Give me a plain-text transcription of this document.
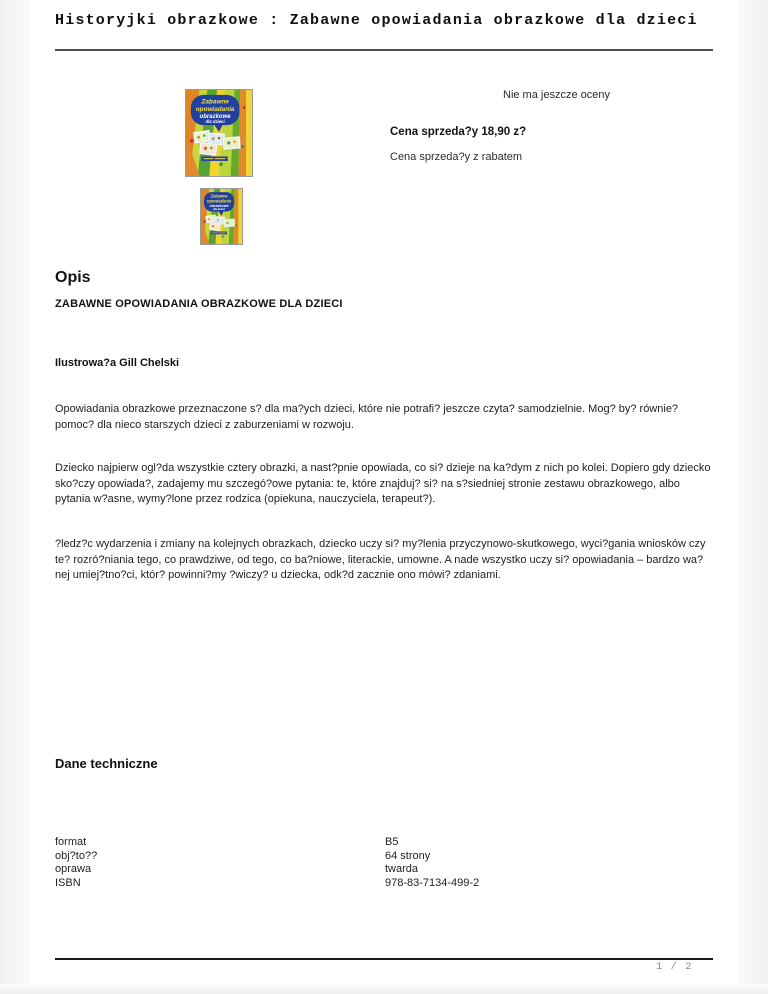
Historyjki obrazkowe : Zabawne opowiadania obrazkowe dla dzieci
Zabawne
opowiadania
obrazkowe
dla dzieci
Zabawne
opowiadania
obrazkowe
dla dzieci
Nie ma jeszcze oceny
Cena sprzeda?y 18,90 z?
Cena sprzeda?y z rabatem
Opis
ZABAWNE OPOWIADANIA OBRAZKOWE DLA DZIECI
Ilustrowa?a Gill Chelski
Opowiadania obrazkowe przeznaczone s? dla ma?ych dzieci, które nie potrafi? jeszcze czyta? samodzielnie. Mog? by? równie? pomoc? dla nieco starszych dzieci z zaburzeniami w rozwoju.
Dziecko najpierw ogl?da wszystkie cztery obrazki, a nast?pnie opowiada, co si? dzieje na ka?dym z nich po kolei. Dopiero gdy dziecko sko?czy opowiada?, zadajemy mu szczegó?owe pytania: te, które znajduj? si? na s?siedniej stronie zestawu obrazkowego, albo pytania w?asne, wymy?lone przez rodzica (opiekuna, nauczyciela, terapeut?).
?ledz?c wydarzenia i zmiany na kolejnych obrazkach, dziecko uczy si? my?lenia przyczynowo-skutkowego, wyci?gania wniosków czy te? rozró?niania tego, co prawdziwe, od tego, co ba?niowe, literackie, umowne. A nade wszystko uczy si? opowiadania – bardzo wa?nej umiej?tno?ci, któr? powinni?my ?wiczy? u dziecka, odk?d zacznie ono mówi? zdaniami.
Dane techniczne
format	B5
obj?to??	64 strony
oprawa	twarda
ISBN	978-83-7134-499-2
1 / 2
